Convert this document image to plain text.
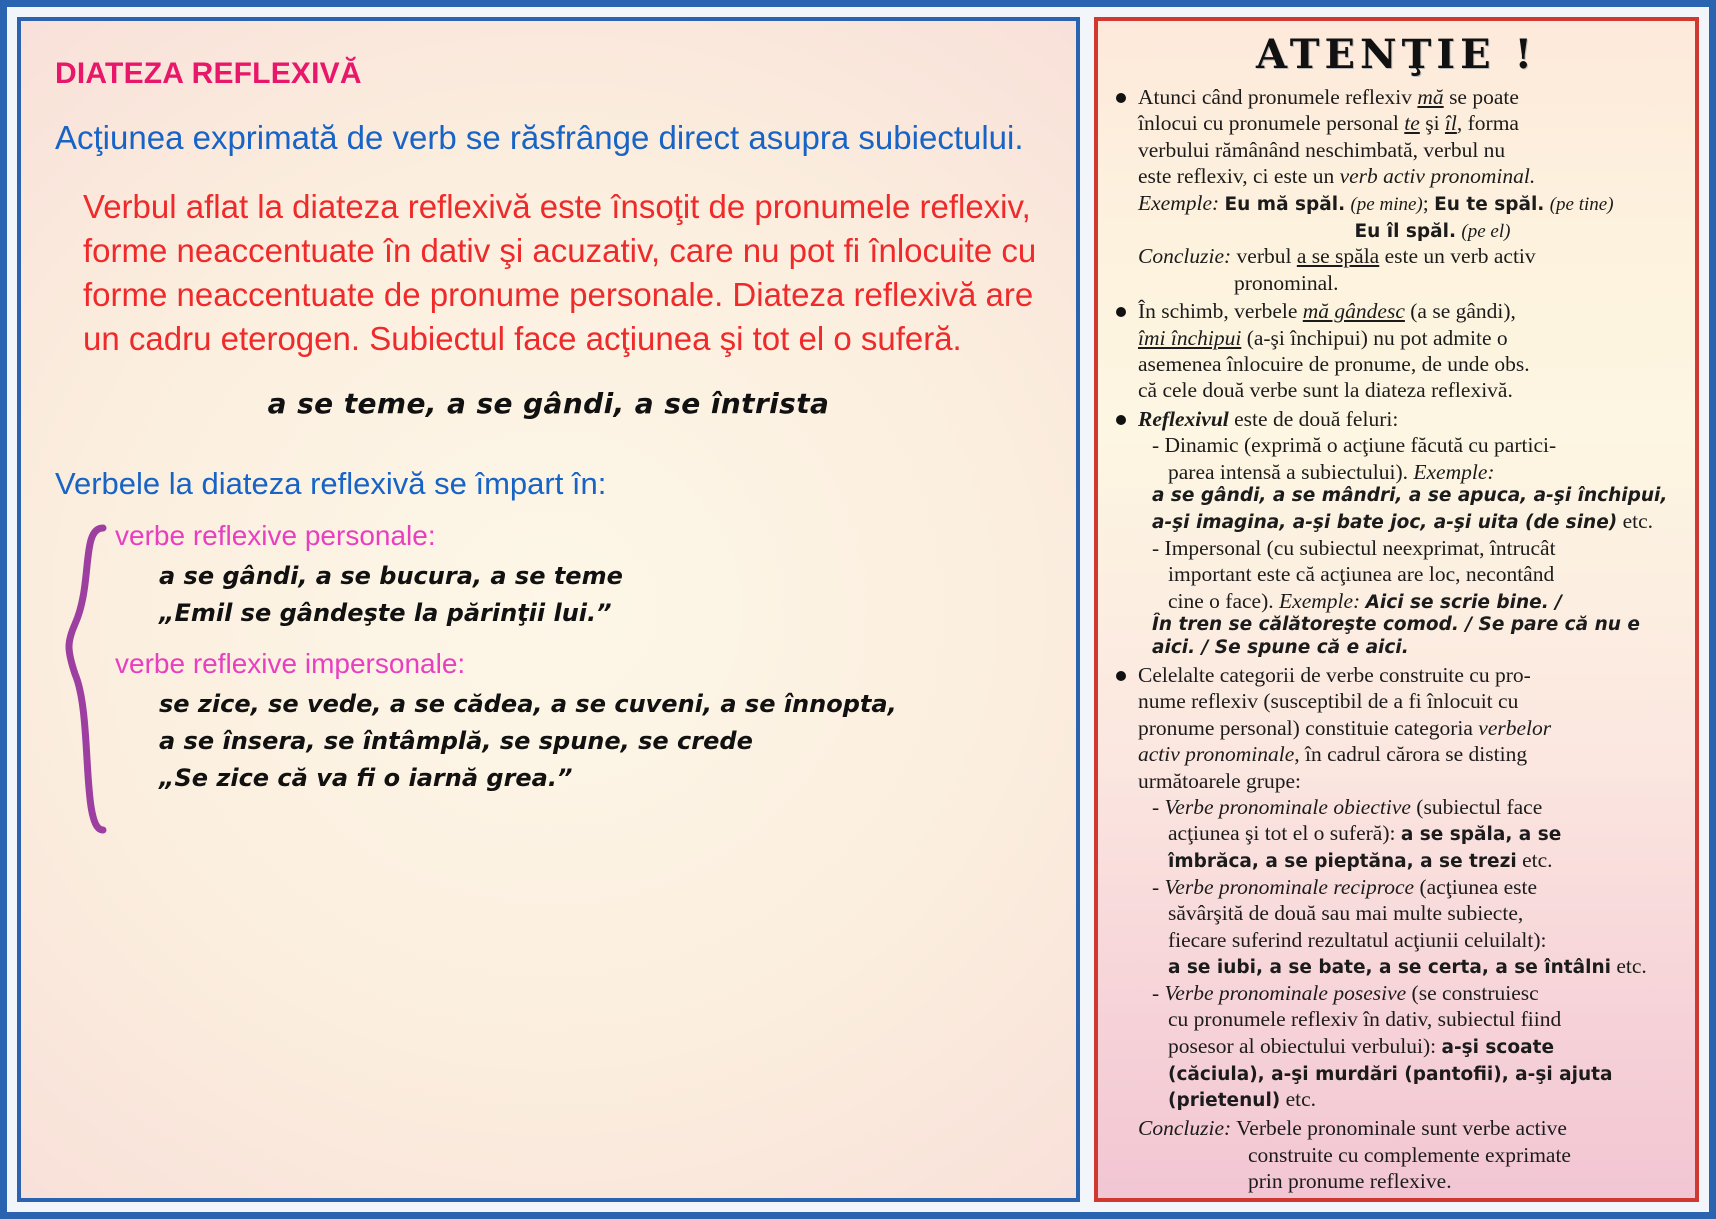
DIATEZA REFLEXIVĂ
Acţiunea exprimată de verb se răsfrânge direct asupra subiectului.
Verbul aflat la diateza reflexivă este însoţit de pronumele reflexiv, forme neaccentuate în dativ şi acuzativ, care nu pot fi înlocuite cu forme neaccentuate de pronume personale. Diateza reflexivă are un cadru eterogen. Subiectul face acţiunea şi tot el o suferă.
a se teme, a se gândi, a se întrista
Verbele la diateza reflexivă se împart în:
verbe reflexive personale:
a se gândi, a se bucura, a se teme
„Emil se gândeşte la părinţii lui.”
verbe reflexive impersonale:
se zice, se vede, a se cădea, a se cuveni, a se înnopta,
a se însera, se întâmplă, se spune, se crede
„Se zice că va fi o iarnă grea.”
ATENŢIE !

Atunci când pronumele reflexiv mă se poate

înlocui cu pronumele personal te şi îl, forma

verbului rămânând neschimbată, verbul nu

este reflexiv, ci este un verb activ pronominal.

Exemple: Eu mă spăl. (pe mine); Eu te spăl. (pe tine)

Eu îl spăl. (pe el)

Concluzie: verbul a se spăla este un verb activ

pronominal.

În schimb, verbele mă gândesc (a se gândi),

îmi închipui (a-şi închipui) nu pot admite o

asemenea înlocuire de pronume, de unde obs.

că cele două verbe sunt la diateza reflexivă.

Reflexivul este de două feluri:

- Dinamic (exprimă o acţiune făcută cu partici-

parea intensă a subiectului). Exemple:

a se gândi, a se mândri, a se apuca, a-şi închipui,

a-şi imagina, a-şi bate joc, a-şi uita (de sine) etc.

- Impersonal (cu subiectul neexprimat, întrucât

important este că acţiunea are loc, necontând

cine o face). Exemple: Aici se scrie bine. /

În tren se călătoreşte comod. / Se pare că nu e

aici. / Se spune că e aici.

Celelalte categorii de verbe construite cu pro-

nume reflexiv (susceptibil de a fi înlocuit cu

pronume personal) constituie categoria verbelor

activ pronominale, în cadrul cărora se disting

următoarele grupe:

- Verbe pronominale obiective (subiectul face

acţiunea şi tot el o suferă): a se spăla, a se

îmbrăca, a se pieptăna, a se trezi etc.

- Verbe pronominale reciproce (acţiunea este

săvârşită de două sau mai multe subiecte,

fiecare suferind rezultatul acţiunii celuilalt):

a se iubi, a se bate, a se certa, a se întâlni etc.

- Verbe pronominale posesive (se construiesc

cu pronumele reflexiv în dativ, subiectul fiind

posesor al obiectului verbului): a-şi scoate

(căciula), a-şi murdări (pantofii), a-şi ajuta

(prietenul) etc.

Concluzie: Verbele pronominale sunt verbe active

construite cu complemente exprimate

prin pronume reflexive.
